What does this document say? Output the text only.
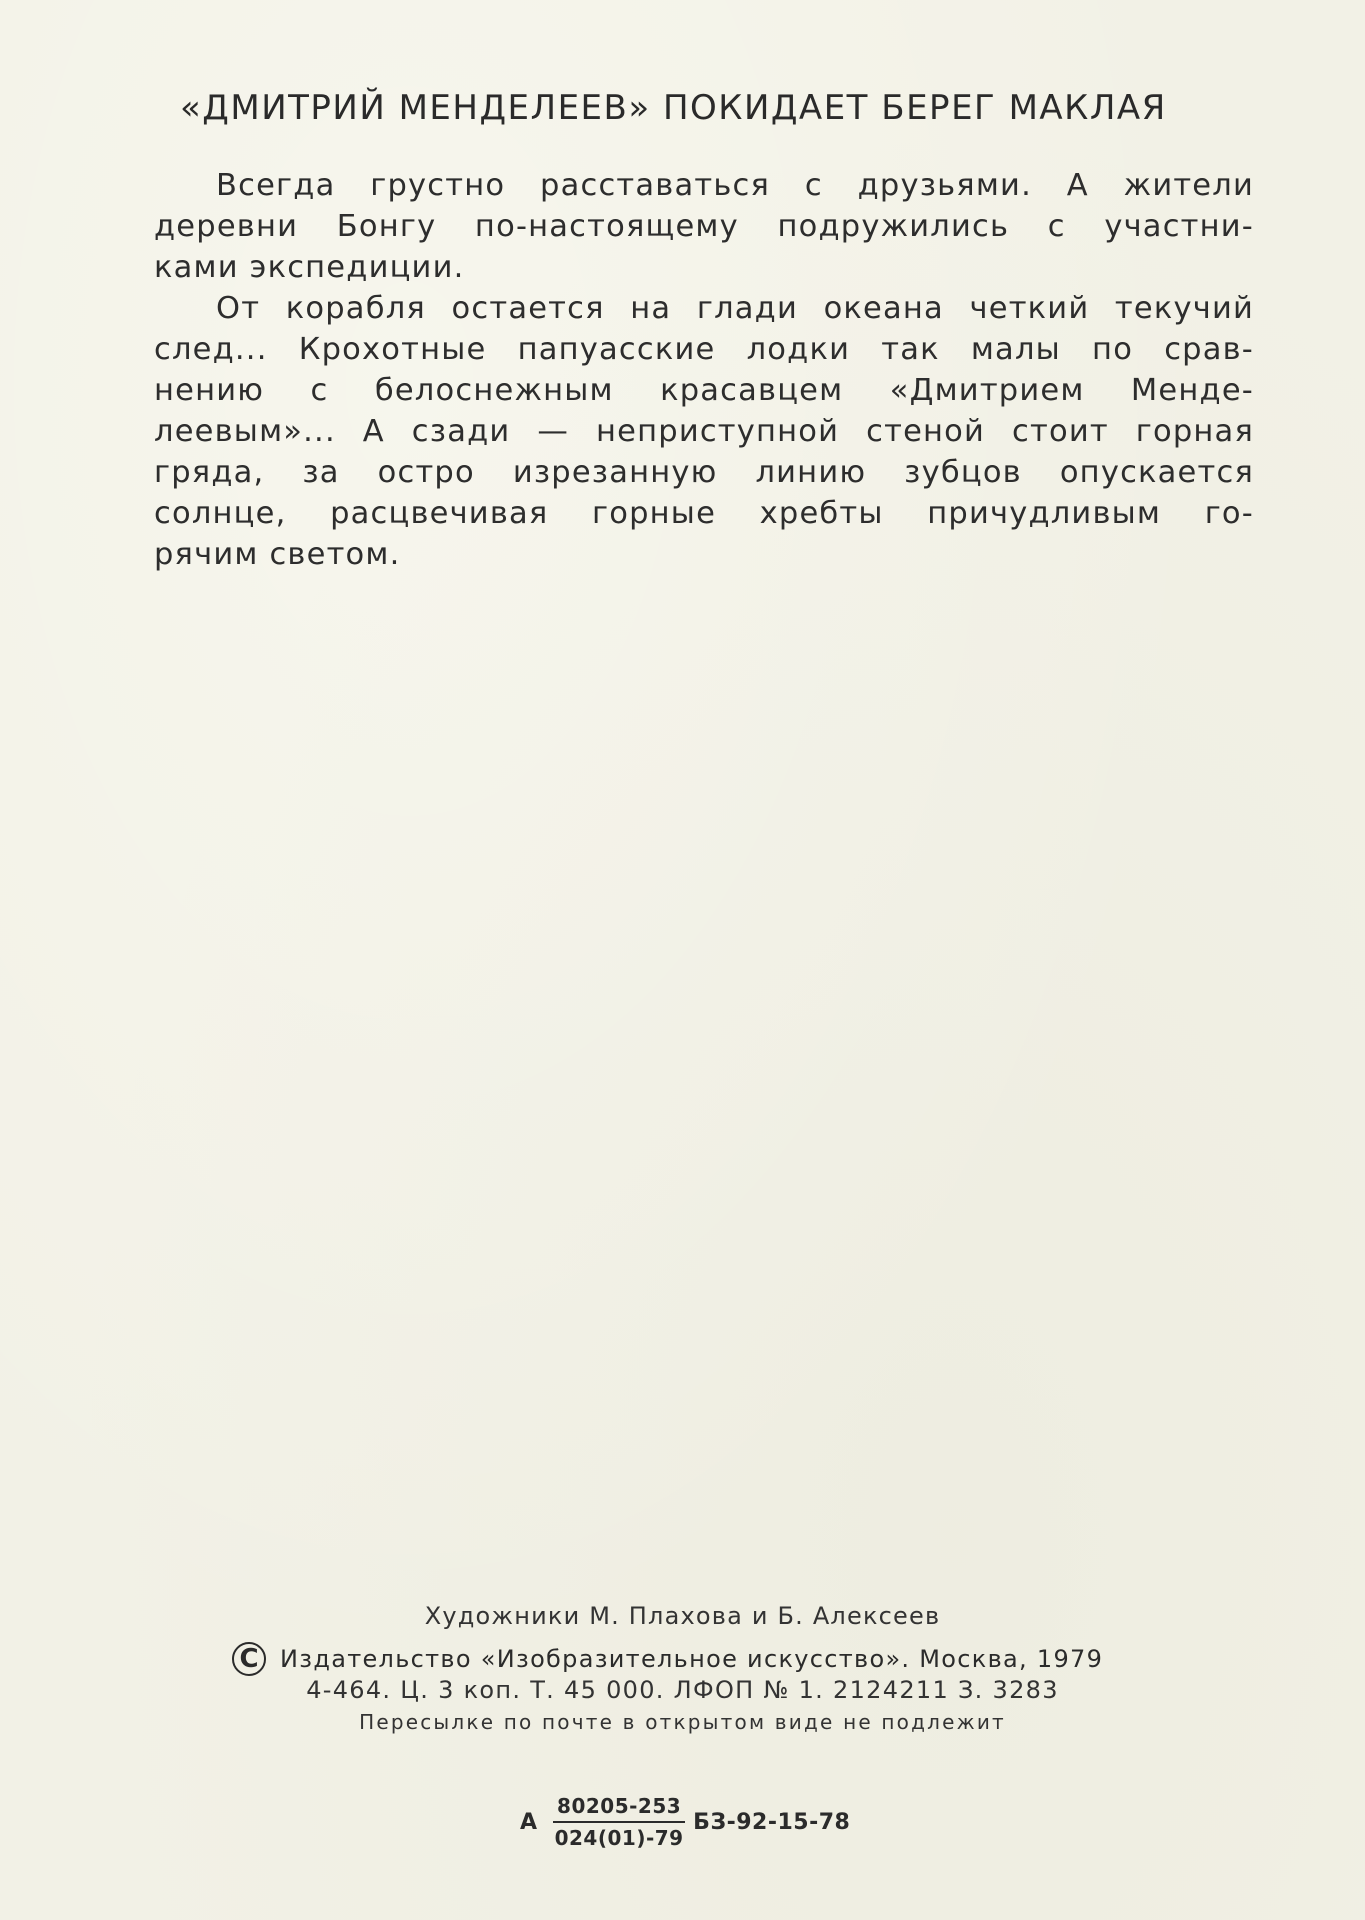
«ДМИТРИЙ МЕНДЕЛЕЕВ» ПОКИДАЕТ БЕРЕГ МАКЛАЯ
Всегда грустно расставаться с друзьями. А жители
деревни Бонгу по-настоящему подружились с участни-
ками экспедиции.
От корабля остается на глади океана четкий текучий
след... Крохотные папуасские лодки так малы по срав-
нению с белоснежным красавцем «Дмитрием Менде-
леевым»... А сзади — неприступной стеной стоит горная
гряда, за остро изрезанную линию зубцов опускается
солнце, расцвечивая горные хребты причудливым го-
рячим светом.
Художники М. Плахова и Б. Алексеев
C Издательство «Изобразительное искусство». Москва, 1979
4-464. Ц. 3 коп. Т. 45 000. ЛФОП № 1. 2124211 З. 3283
Пересылке по почте в открытом виде не подлежит
А $\frac{80205-253}{024(01)-79} БЗ-92-15-78$
